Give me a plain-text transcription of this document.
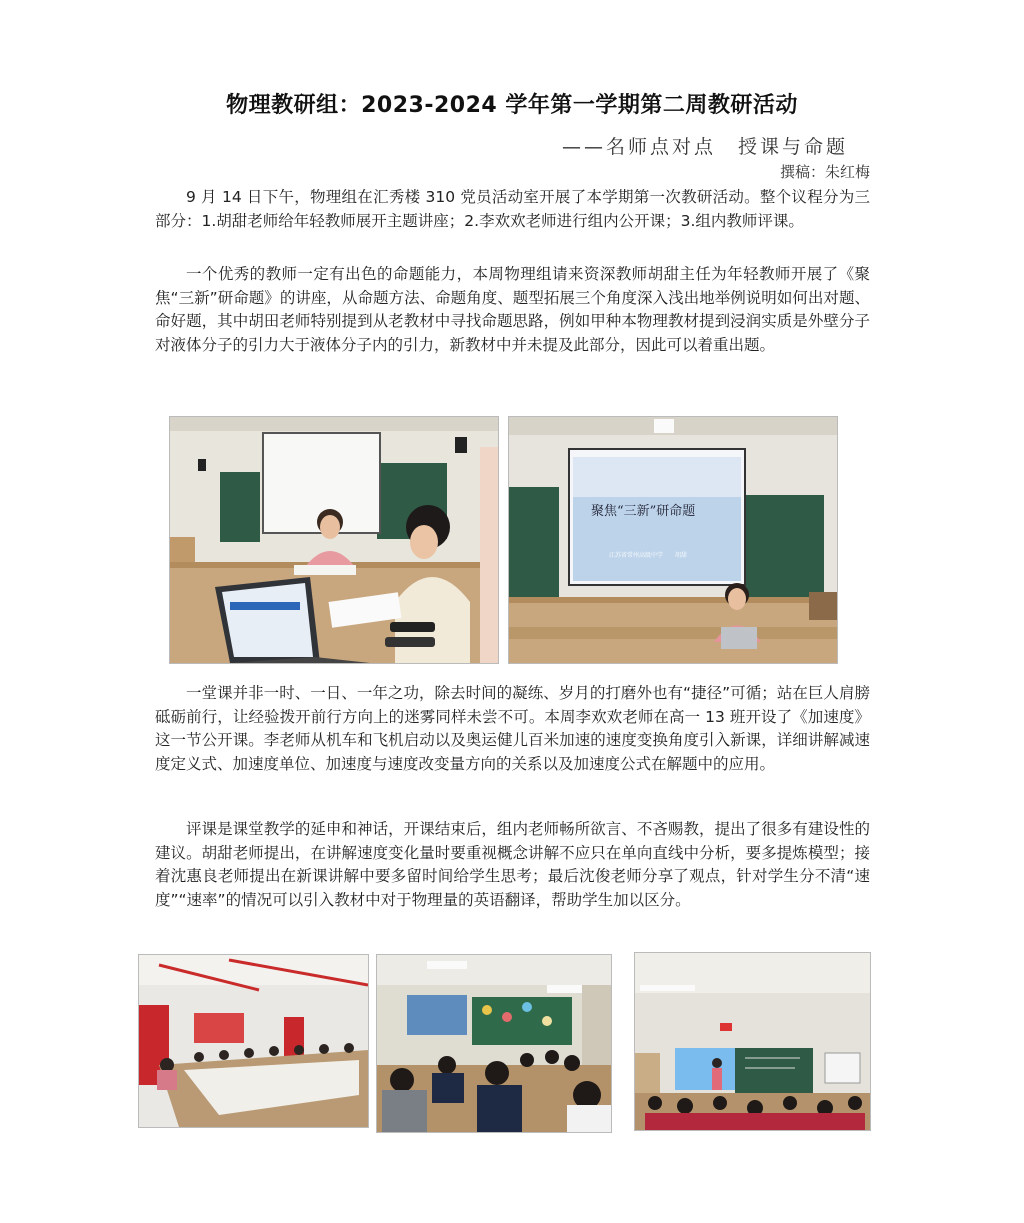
物理教研组：2023-2024 学年第一学期第二周教研活动
——名师点对点　授课与命题
撰稿：朱红梅

9 月 14 日下午，物理组在汇秀楼 310 党员活动室开展了本学期第一次教研活动。整个议程分为三部分：1.胡甜老师给年轻教师展开主题讲座；2.李欢欢老师进行组内公开课；3.组内教师评课。

一个优秀的教师一定有出色的命题能力，本周物理组请来资深教师胡甜主任为年轻教师开展了《聚焦“三新”研命题》的讲座，从命题方法、命题角度、题型拓展三个角度深入浅出地举例说明如何出对题、命好题，其中胡田老师特别提到从老教材中寻找命题思路，例如甲种本物理教材提到浸润实质是外壁分子对液体分子的引力大于液体分子内的引力，新教材中并未提及此部分，因此可以着重出题。

聚焦“三新”研命题
江苏省常州高级中学　　胡甜

一堂课并非一时、一日、一年之功，除去时间的凝练、岁月的打磨外也有“捷径”可循；站在巨人肩膀砥砺前行，让经验拨开前行方向上的迷雾同样未尝不可。本周李欢欢老师在高一 13 班开设了《加速度》这一节公开课。李老师从机车和飞机启动以及奥运健儿百米加速的速度变换角度引入新课，详细讲解减速度定义式、加速度单位、加速度与速度改变量方向的关系以及加速度公式在解题中的应用。

评课是课堂教学的延申和神话，开课结束后，组内老师畅所欲言、不吝赐教，提出了很多有建设性的建议。胡甜老师提出，在讲解速度变化量时要重视概念讲解不应只在单向直线中分析，要多提炼模型；接着沈惠良老师提出在新课讲解中要多留时间给学生思考；最后沈俊老师分享了观点，针对学生分不清“速度”“速率”的情况可以引入教材中对于物理量的英语翻译，帮助学生加以区分。
